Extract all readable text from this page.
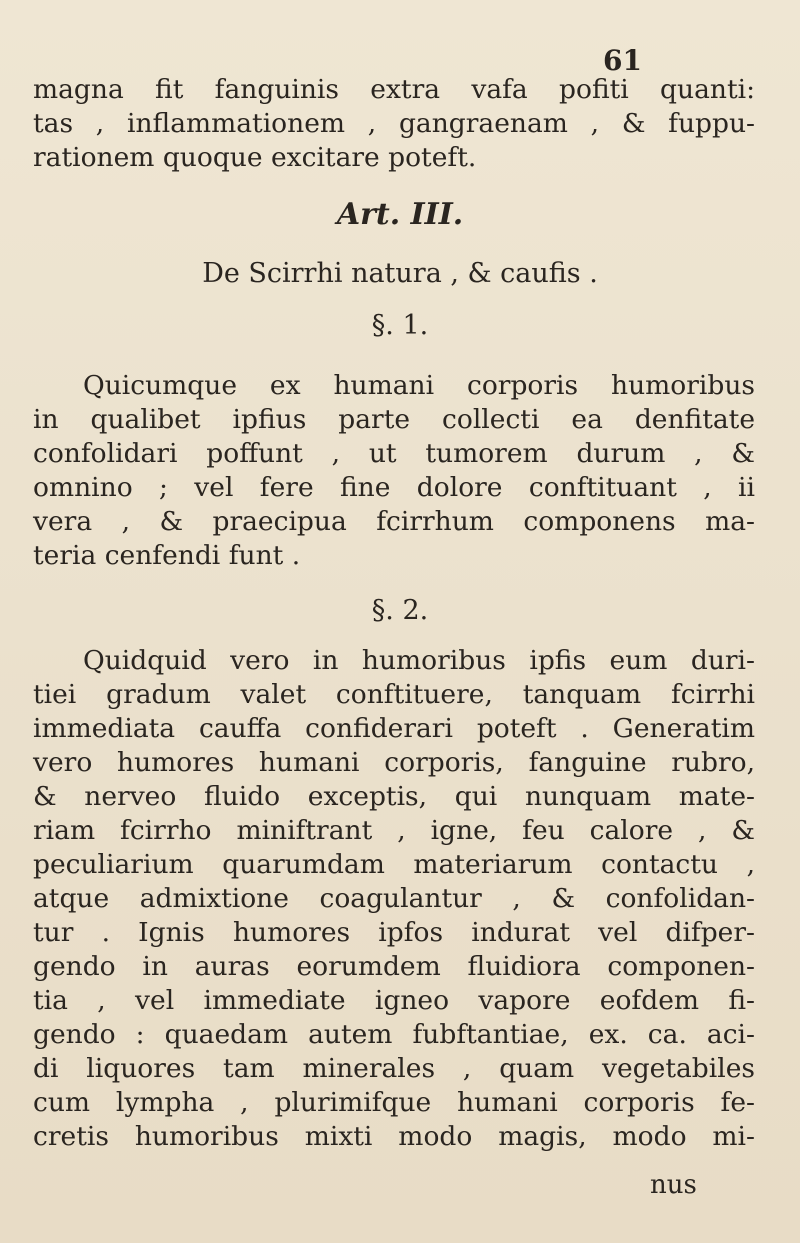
61
magna fit fanguinis extra vafa pofiti quanti:
tas , inflammationem , gangraenam , & fuppu-
rationem quoque excitare poteft.
Art. III.
De Scirrhi natura , & caufis .
§. 1.
Quicumque ex humani corporis humoribus
in qualibet ipfius parte collecti ea denfitate
confolidari poffunt , ut tumorem durum , &
omnino ; vel fere fine dolore conftituant , ii
vera , & praecipua fcirrhum componens ma-
teria cenfendi funt .
§. 2.
Quidquid vero in humoribus ipfis eum duri-
tiei gradum valet conftituere, tanquam fcirrhi
immediata cauffa confiderari poteft . Generatim
vero humores humani corporis, fanguine rubro,
& nerveo fluido exceptis, qui nunquam mate-
riam fcirrho miniftrant , igne, feu calore , &
peculiarium quarumdam materiarum contactu ,
atque admixtione coagulantur , & confolidan-
tur . Ignis humores ipfos indurat vel difper-
gendo in auras eorumdem fluidiora componen-
tia , vel immediate igneo vapore eofdem fi-
gendo : quaedam autem fubftantiae, ex. ca. aci-
di liquores tam minerales , quam vegetabiles
cum lympha , plurimifque humani corporis fe-
cretis humoribus mixti modo magis, modo mi-
nus
